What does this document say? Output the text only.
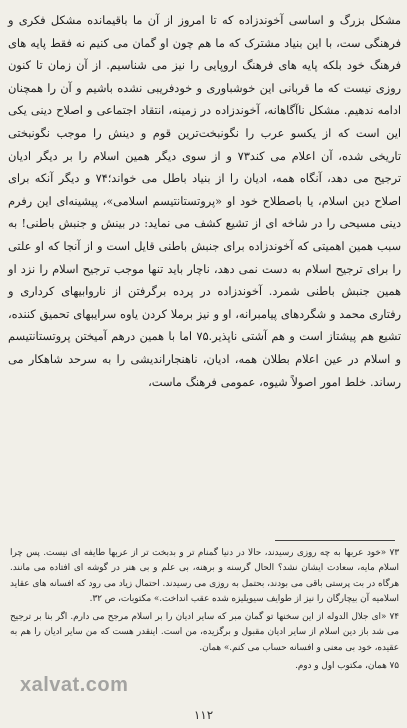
مشکل بزرگ و اساسی آخوندزاده که تا امروز از آن ما باقیمانده مشکل فکری و فرهنگی ست، با این بنیاد مشترک که ما هم چون او گمان می کنیم نه فقط پایه های فرهنگ خود بلکه پایه های فرهنگ اروپایی را نیز می شناسیم. از آن زمان تا کنون روزی نیست که ما قربانی این خوشباوری و خودفریبی نشده باشیم و آن را همچنان ادامه ندهیم. مشکل ناآگاهانه، آخوندزاده در زمینه، انتقاد اجتماعی و اصلاح دینی یکی این است که از یکسو عرب را نگونبخت‌ترین قوم و دینش را موجب نگونبختی تاریخی شده، آن اعلام می کند۷۳ و از سوی دیگر همین اسلام را بر دیگر ادیان ترجیح می دهد، آنگاه همه، ادیان را از بنیاد باطل می خواند؛۷۴ و دیگر آنکه برای اصلاح دین اسلام، یا باصطلاح خود او «پروتستانتیسم اسلامی»، پیشینه‌ای این رفرم دینی مسیحی را در شاخه ای از تشیع کشف می نماید: در بینش و جنبش باطنی! به سبب همین اهمیتی که آخوندزاده برای جنبش باطنی قایل است و از آنجا که او علتی را برای ترجیح اسلام به دست نمی دهد، ناچار باید تنها موجب ترجیح اسلام را نزد او همین جنبش باطنی شمرد. آخوندزاده در پرده برگرفتن از ناروابیهای کرداری و رفتاری محمد و شگردهای پیامبرانه، او و نیز برملا کردن یاوه سرایبهای تحمیق کننده، تشیع هم پیشتاز است و هم آشتی ناپذیر.۷۵ اما با همین درهم آمیختن پروتستانتیسم و اسلام در عین اعلام بطلان همه، ادیان، ناهنجاراندیشی را به سرحد شاهکار می رساند. خلط امور اصولاً شیوه، عمومی فرهنگ ماست،

۷۳ «خود عربها به چه روزی رسیدند، حالا در دنیا گمنام تر و بدبخت تر از عربها طایفه ای نیست. پس چرا اسلام مایه، سعادت ایشان نشد؟ الحال گرسنه و برهنه، بی علم و بی هنر در گوشه ای افتاده می مانند. هرگاه در بت پرستی باقی می بودند، بحتمل به روزی می رسیدند. احتمال زیاد می رود که افسانه های عقاید اسلامیه آن بیچارگان را نیز از طوایف سیویلیزه شده عقب انداخت.» مکتوبات، ص ۳۲.

۷۴ «ای جلال الدوله از این سخنها تو گمان مبر که سایر ادیان را بر اسلام مرجح می دارم. اگر بنا بر ترجیح می شد باز دین اسلام از سایر ادیان مقبول و برگزیده، من است. اینقدر هست که من سایر ادیان را هم به عقیده، خود بی معنی و افسانه حساب می کنم.» همان.

۷۵ همان، مکتوب اول و دوم.

xalvat.com
۱۱۲
